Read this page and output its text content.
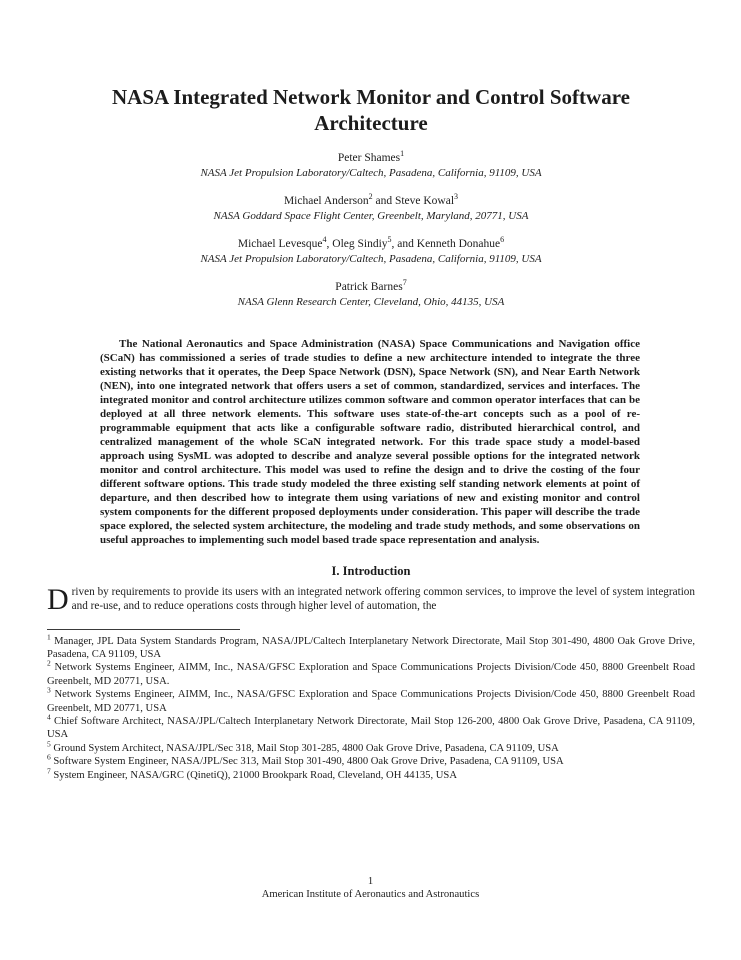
NASA Integrated Network Monitor and Control Software Architecture
Peter Shames$^1$
NASA Jet Propulsion Laboratory/Caltech, Pasadena, California, 91109, USA
Michael Anderson$^2$ and Steve Kowal$^3$
NASA Goddard Space Flight Center, Greenbelt, Maryland, 20771, USA
Michael Levesque$^4$, Oleg Sindiy$^5$, and Kenneth Donahue$^6$
NASA Jet Propulsion Laboratory/Caltech, Pasadena, California, 91109, USA
Patrick Barnes$^7$
NASA Glenn Research Center, Cleveland, Ohio, 44135, USA
The National Aeronautics and Space Administration (NASA) Space Communications and Navigation office (SCaN) has commissioned a series of trade studies to define a new architecture intended to integrate the three existing networks that it operates, the Deep Space Network (DSN), Space Network (SN), and Near Earth Network (NEN), into one integrated network that offers users a set of common, standardized, services and interfaces. The integrated monitor and control architecture utilizes common software and common operator interfaces that can be deployed at all three network elements. This software uses state-of-the-art concepts such as a pool of re-programmable equipment that acts like a configurable software radio, distributed hierarchical control, and centralized management of the whole SCaN integrated network. For this trade space study a model-based approach using SysML was adopted to describe and analyze several possible options for the integrated network monitor and control architecture. This model was used to refine the design and to drive the costing of the four different software options. This trade study modeled the three existing self standing network elements at point of departure, and then described how to integrate them using variations of new and existing monitor and control system components for the different proposed deployments under consideration. This paper will describe the trade space explored, the selected system architecture, the modeling and trade study methods, and some observations on useful approaches to implementing such model based trade space representation and analysis.
I. Introduction
Driven by requirements to provide its users with an integrated network offering common services, to improve the level of system integration and re-use, and to reduce operations costs through higher level of automation, the
$^1$ Manager, JPL Data System Standards Program, NASA/JPL/Caltech Interplanetary Network Directorate, Mail Stop 301-490, 4800 Oak Grove Drive, Pasadena, CA 91109, USA
$^2$ Network Systems Engineer, AIMM, Inc., NASA/GFSC Exploration and Space Communications Projects Division/Code 450, 8800 Greenbelt Road Greenbelt, MD 20771, USA.
$^3$ Network Systems Engineer, AIMM, Inc., NASA/GFSC Exploration and Space Communications Projects Division/Code 450, 8800 Greenbelt Road Greenbelt, MD 20771, USA
$^4$ Chief Software Architect, NASA/JPL/Caltech Interplanetary Network Directorate, Mail Stop 126-200, 4800 Oak Grove Drive, Pasadena, CA 91109, USA
$^5$ Ground System Architect, NASA/JPL/Sec 318, Mail Stop 301-285, 4800 Oak Grove Drive, Pasadena, CA 91109, USA
$^6$ Software System Engineer, NASA/JPL/Sec 313, Mail Stop 301-490, 4800 Oak Grove Drive, Pasadena, CA 91109, USA
$^7$ System Engineer, NASA/GRC (QinetiQ), 21000 Brookpark Road, Cleveland, OH 44135, USA
1
American Institute of Aeronautics and Astronautics
